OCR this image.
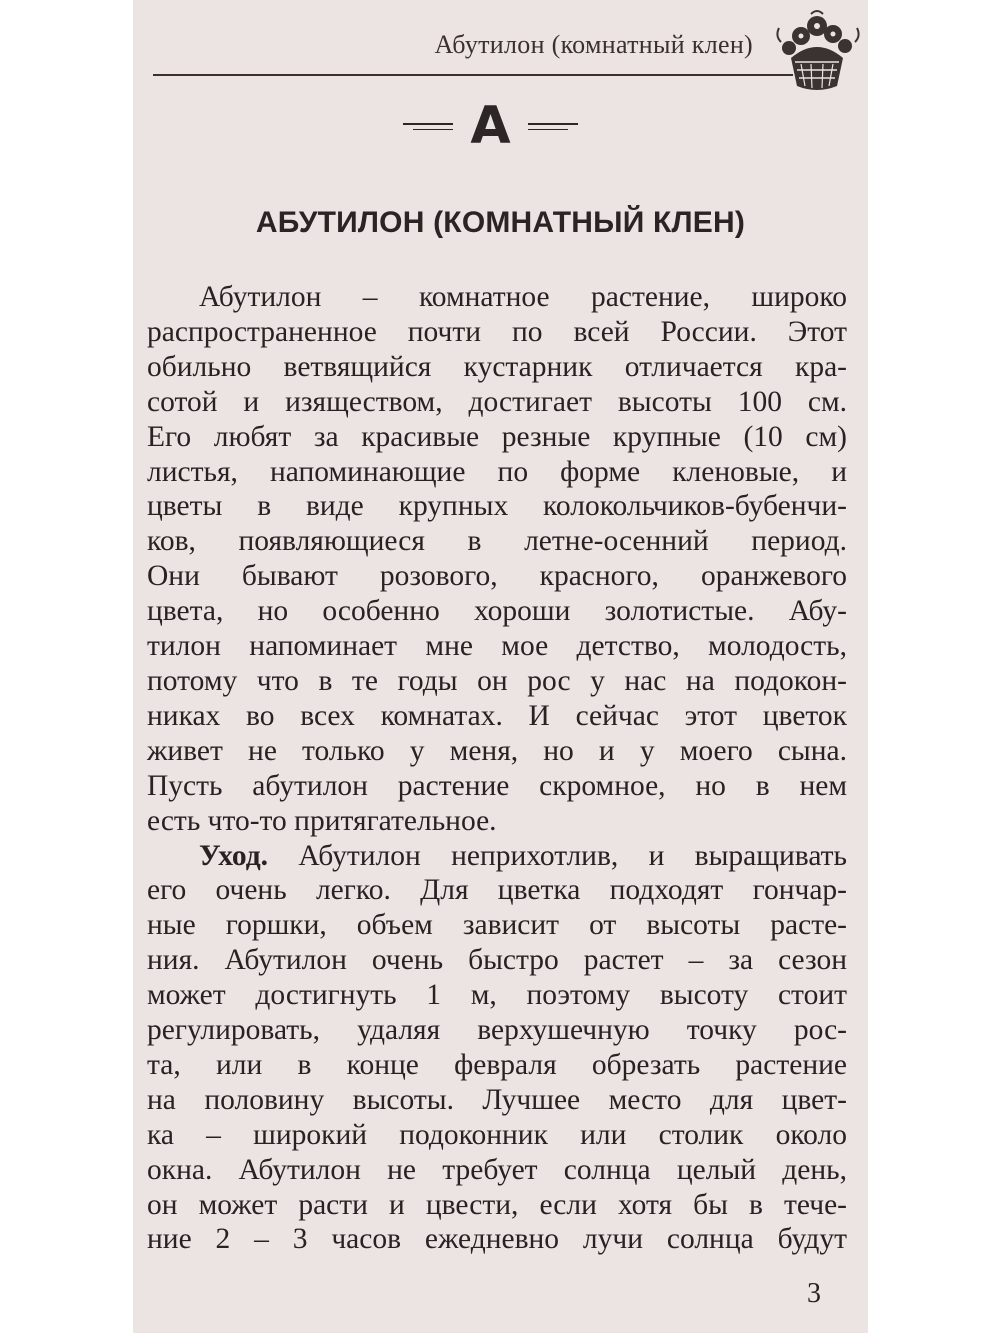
Абутилон (комнатный клен)
А
АБУТИЛОН (КОМНАТНЫЙ КЛЕН)
Абутилон – комнатное растение, широко
распространенное почти по всей России. Этот
обильно ветвящийся кустарник отличается кра-
сотой и изяществом, достигает высоты 100 см.
Его любят за красивые резные крупные (10 см)
листья, напоминающие по форме кленовые, и
цветы в виде крупных колокольчиков-бубенчи-
ков, появляющиеся в летне-осенний период.
Они бывают розового, красного, оранжевого
цвета, но особенно хороши золотистые. Абу-
тилон напоминает мне мое детство, молодость,
потому что в те годы он рос у нас на подокон-
никах во всех комнатах. И сейчас этот цветок
живет не только у меня, но и у моего сына.
Пусть абутилон растение скромное, но в нем
есть что-то притягательное.
Уход. Абутилон неприхотлив, и выращивать
его очень легко. Для цветка подходят гончар-
ные горшки, объем зависит от высоты расте-
ния. Абутилон очень быстро растет – за сезон
может достигнуть 1 м, поэтому высоту стоит
регулировать, удаляя верхушечную точку рос-
та, или в конце февраля обрезать растение
на половину высоты. Лучшее место для цвет-
ка – широкий подоконник или столик около
окна. Абутилон не требует солнца целый день,
он может расти и цвести, если хотя бы в тече-
ние 2 – 3 часов ежедневно лучи солнца будут
3
